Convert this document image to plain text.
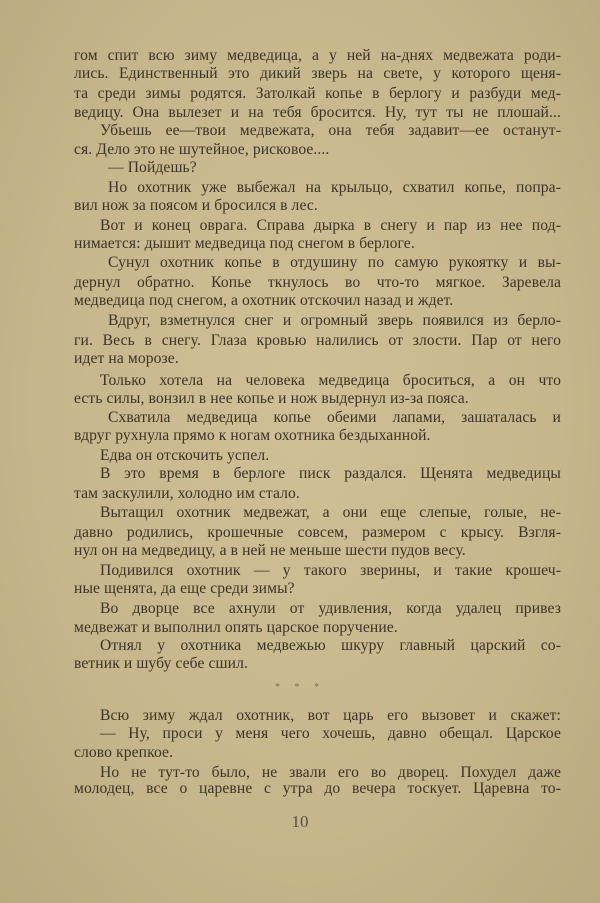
гом спит всю зиму медведица, а у ней на-днях медвежата роди-
лись. Единственный это дикий зверь на свете, у которого щеня-
та среди зимы родятся. Затолкай копье в берлогу и разбуди мед-
ведицу. Она вылезет и на тебя бросится. Ну, тут ты не плошай...
Убьешь ее—твои медвежата, она тебя задавит—ее останут-
ся. Дело это не шутейное, рисковое....
— Пойдешь?
Но охотник уже выбежал на крыльцо, схватил копье, попра-
вил нож за поясом и бросился в лес.
Вот и конец оврага. Справа дырка в снегу и пар из нее под-
нимается: дышит медведица под снегом в берлоге.
Сунул охотник копье в отдушину по самую рукоятку и вы-
дернул обратно. Копье ткнулось во что-то мягкое. Заревела
медведица под снегом, а охотник отскочил назад и ждет.
Вдруг, взметнулся снег и огромный зверь появился из берло-
ги. Весь в снегу. Глаза кровью налились от злости. Пар от него
идет на морозе.
Только хотела на человека медведица броситься, а он что
есть силы, вонзил в нее копье и нож выдернул из-за пояса.
Схватила медведица копье обеими лапами, зашаталась и
вдруг рухнула прямо к ногам охотника бездыханной.
Едва он отскочить успел.
В это время в берлоге писк раздался. Щенята медведицы
там заскулили, холодно им стало.
Вытащил охотник медвежат, а они еще слепые, голые, не-
давно родились, крошечные совсем, размером с крысу. Взгля-
нул он на медведицу, а в ней не меньше шести пудов весу.
Подивился охотник — у такого зверины, и такие крошеч-
ные щенята, да еще среди зимы?
Во дворце все ахнули от удивления, когда удалец привез
медвежат и выполнил опять царское поручение.
Отнял у охотника медвежью шкуру главный царский со-
ветник и шубу себе сшил.
* * *
Всю зиму ждал охотник, вот царь его вызовет и скажет:
— Ну, проси у меня чего хочешь, давно обещал. Царское
слово крепкое.
Но не тут-то было, не звали его во дворец. Похудел даже
молодец, все о царевне с утра до вечера тоскует. Царевна то-
10
